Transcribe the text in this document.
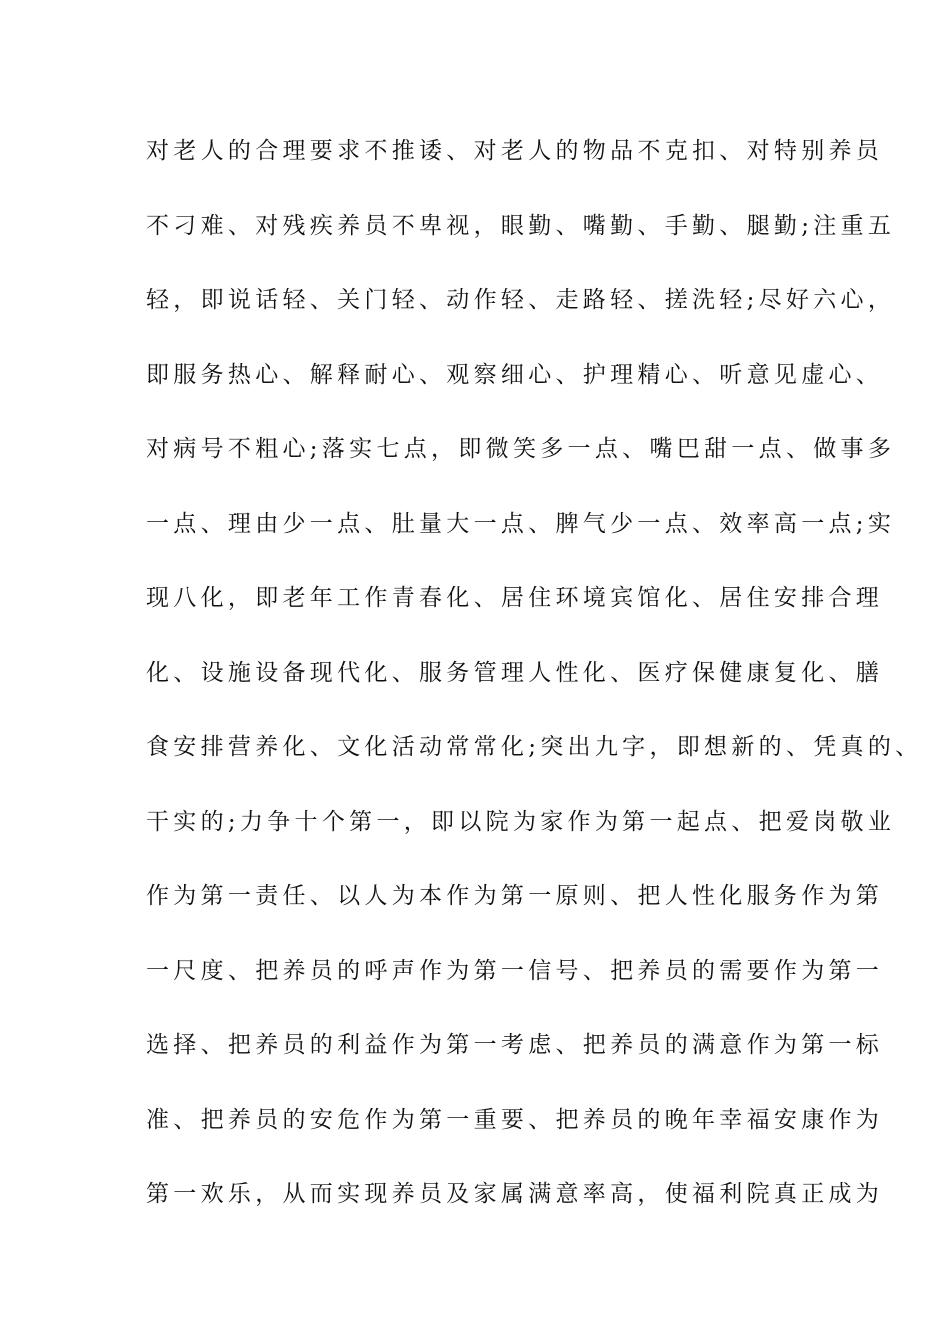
对老人的合理要求不推诿、对老人的物品不克扣、对特别养员
不刁难、对残疾养员不卑视，眼勤、嘴勤、手勤、腿勤;注重五
轻，即说话轻、关门轻、动作轻、走路轻、搓洗轻;尽好六心，
即服务热心、解释耐心、观察细心、护理精心、听意见虚心、
对病号不粗心;落实七点，即微笑多一点、嘴巴甜一点、做事多
一点、理由少一点、肚量大一点、脾气少一点、效率高一点;实
现八化，即老年工作青春化、居住环境宾馆化、居住安排合理
化、设施设备现代化、服务管理人性化、医疗保健康复化、膳
食安排营养化、文化活动常常化;突出九字，即想新的、凭真的、
干实的;力争十个第一，即以院为家作为第一起点、把爱岗敬业
作为第一责任、以人为本作为第一原则、把人性化服务作为第
一尺度、把养员的呼声作为第一信号、把养员的需要作为第一
选择、把养员的利益作为第一考虑、把养员的满意作为第一标
准、把养员的安危作为第一重要、把养员的晚年幸福安康作为
第一欢乐，从而实现养员及家属满意率高，使福利院真正成为
